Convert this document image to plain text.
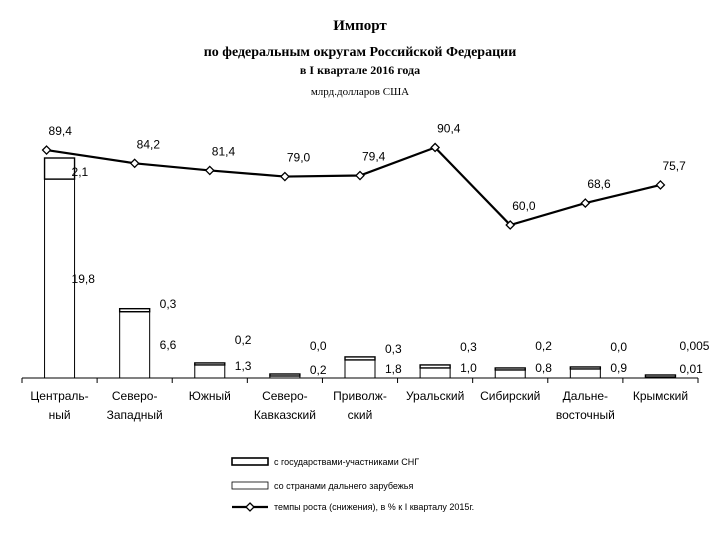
Импорт
по федеральным округам Российской Федерации
в I квартале 2016 года
млрд.долларов США
19,8
2,1
6,6
0,3
1,3
0,2
0,2
0,0
1,8
0,3
1,0
0,3
0,8
0,2
0,9
0,0
0,01
0,005
89,4
84,2
81,4	79,0	79,4
90,4
60,0
68,6
75,7
Централь-
ный
Северо-
Западный
Южный	Северо-
Кавказский
Приволж-
ский
Уральский Сибирский Дальне-
восточный
Крымский
с государствами-участниками СНГ
со странами дальнего зарубежья
темпы роста (снижения), в % к I кварталу 2015г.
